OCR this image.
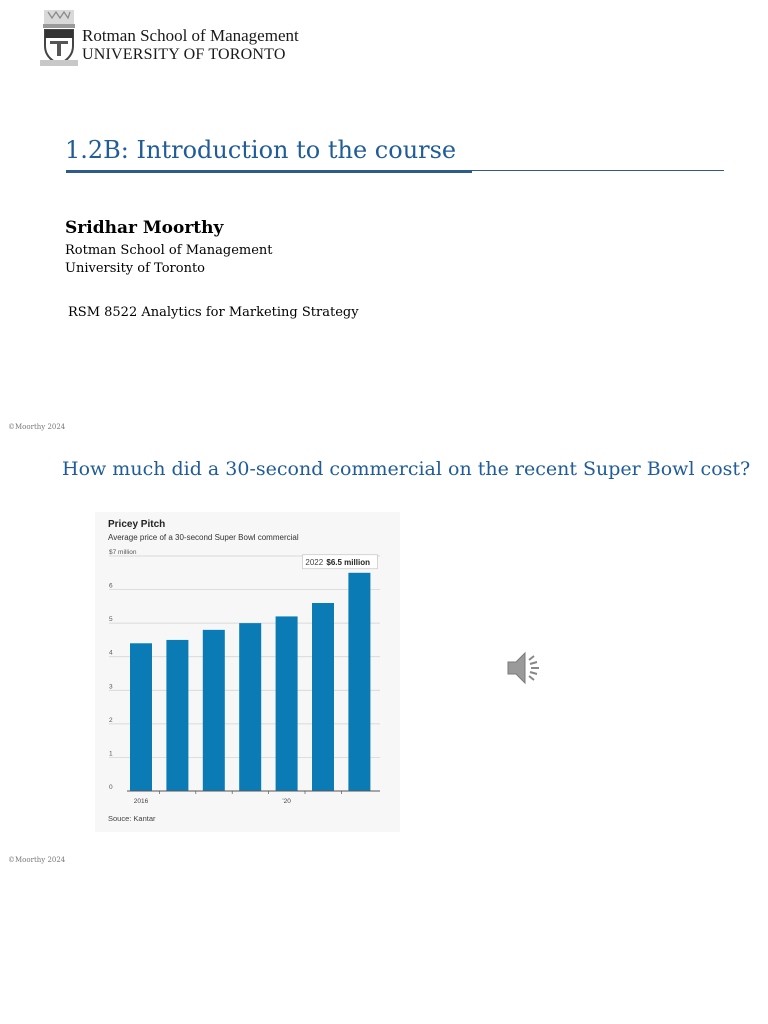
Rotman School of Management
UNIVERSITY OF TORONTO
1.2B: Introduction to the course
Sridhar Moorthy
Rotman School of Management
University of Toronto
RSM 8522 Analytics for Marketing Strategy
©Moorthy 2024
How much did a 30-second commercial on the recent Super Bowl cost?
Pricey Pitch
Average price of a 30-second Super Bowl commercial
0
1
2
3
4
5
6
$7 million
2016	'20
2022 $6.5 million
Souce: Kantar
©Moorthy 2024
